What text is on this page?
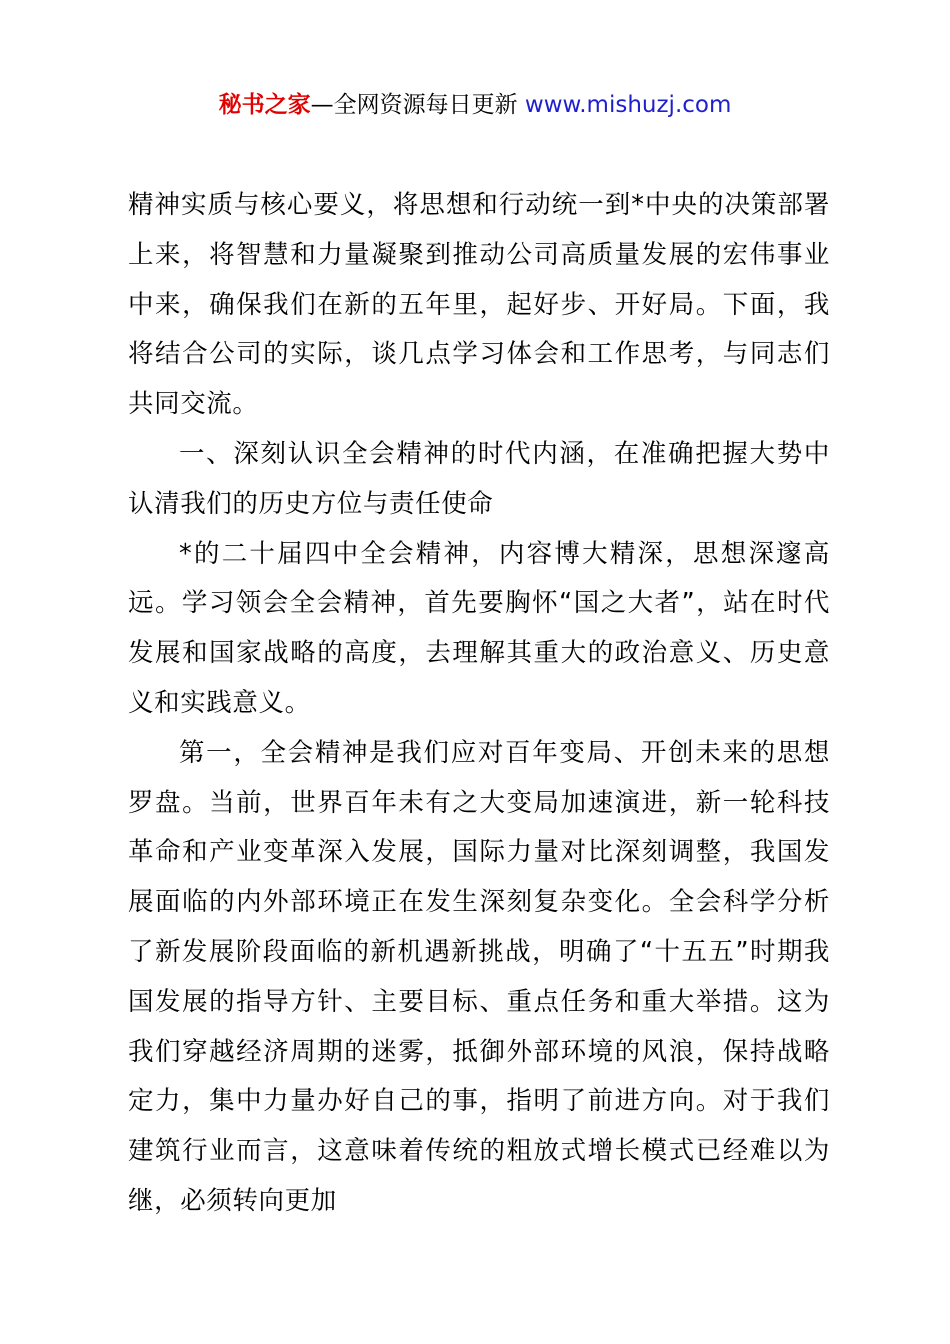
秘书之家—全网资源每日更新 www.mishuzj.com

精神实质与核心要义，将思想和行动统一到*中央的决策部署上来，将智慧和力量凝聚到推动公司高质量发展的宏伟事业中来，确保我们在新的五年里，起好步、开好局。下面，我将结合公司的实际，谈几点学习体会和工作思考，与同志们共同交流。

一、深刻认识全会精神的时代内涵，在准确把握大势中认清我们的历史方位与责任使命

*的二十届四中全会精神，内容博大精深，思想深邃高远。学习领会全会精神，首先要胸怀“国之大者”，站在时代发展和国家战略的高度，去理解其重大的政治意义、历史意义和实践意义。

第一，全会精神是我们应对百年变局、开创未来的思想罗盘。当前，世界百年未有之大变局加速演进，新一轮科技革命和产业变革深入发展，国际力量对比深刻调整，我国发展面临的内外部环境正在发生深刻复杂变化。全会科学分析了新发展阶段面临的新机遇新挑战，明确了“十五五”时期我国发展的指导方针、主要目标、重点任务和重大举措。这为我们穿越经济周期的迷雾，抵御外部环境的风浪，保持战略定力，集中力量办好自己的事，指明了前进方向。对于我们建筑行业而言，这意味着传统的粗放式增长模式已经难以为继，必须转向更加
